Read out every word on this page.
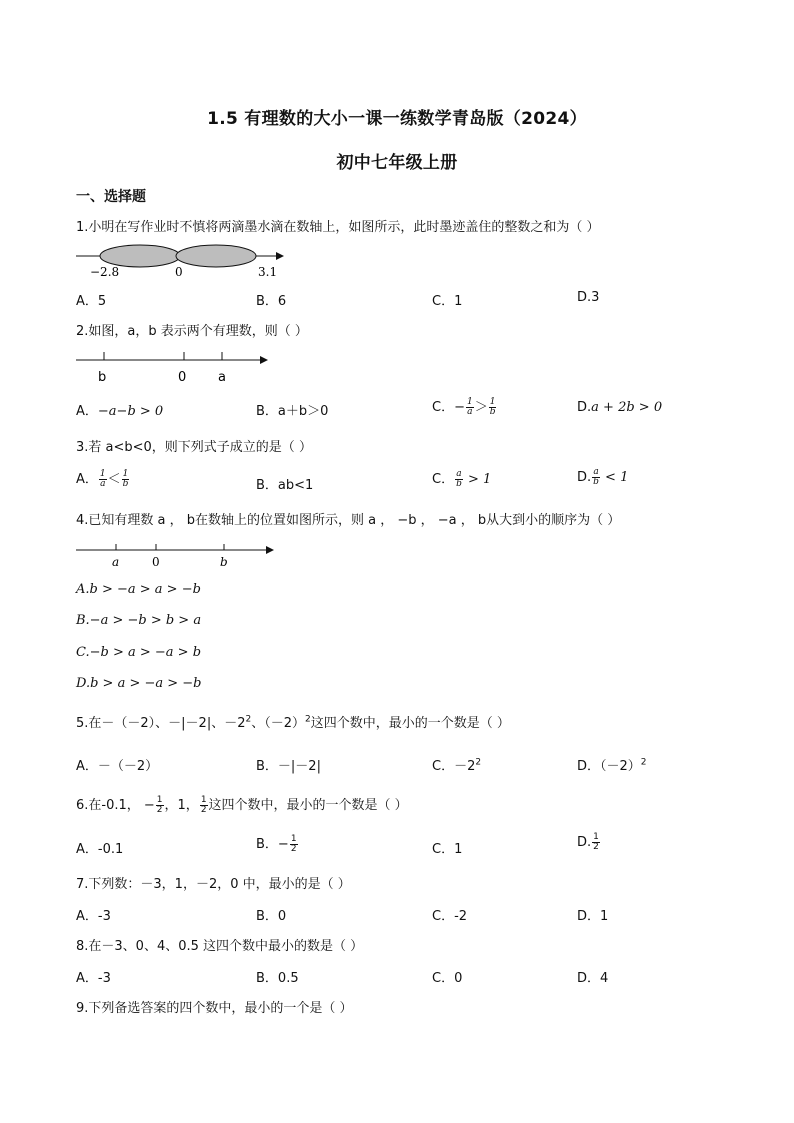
1.5 有理数的大小一课一练数学青岛版（2024）
初中七年级上册
一、选择题
1.小明在写作业时不慎将两滴墨水滴在数轴上，如图所示，此时墨迹盖住的整数之和为（ ）
−2.8	0	3.1
A．5	B．6	C．1	D.3
2.如图，a，b 表示两个有理数，则（ ）
b	0 a
A．−a−b > 0	B．a＋b＞0	C．− $\frac{1}{a} > \frac{1}{b}$	D.a + 2b > 0
3.若 a<b<0，则下列式子成立的是（ ）
A． $\frac{1}{a} < \frac{1}{b}$	B．ab<1	C． $\frac{a}{b} > 1$	D. $\frac{a}{b} < 1$
4.已知有理数 a ， b在数轴上的位置如图所示，则 a ， −b ， −a ， b从大到小的顺序为（ ）
a	0	b
A.b > −a > a > −b
B.−a > −b > b > a
C.−b > a > −a > b
D.b > a > −a > −b
5.在－（－2）、－|－2|、$-2^2$、$(-2)^2$这四个数中，最小的一个数是（ ）
A．－（－2）	B．－|－2|	C．$-2^2$	D．$(-2)^2$
6.在-0.1， − $\frac{1}{2}$ ，1， $\frac{1}{2}$ 这四个数中，最小的一个数是（ ）
A．-0.1	B．− $\frac{1}{2}$	C．1	D. $\frac{1}{2}$
7.下列数：－3，1，－2，0 中，最小的是（ ）
A．-3	B．0	C．-2	D．1
8.在－3、0、4、0.5 这四个数中最小的数是（ ）
A．-3	B．0.5	C．0	D．4
9.下列备选答案的四个数中，最小的一个是（ ）
